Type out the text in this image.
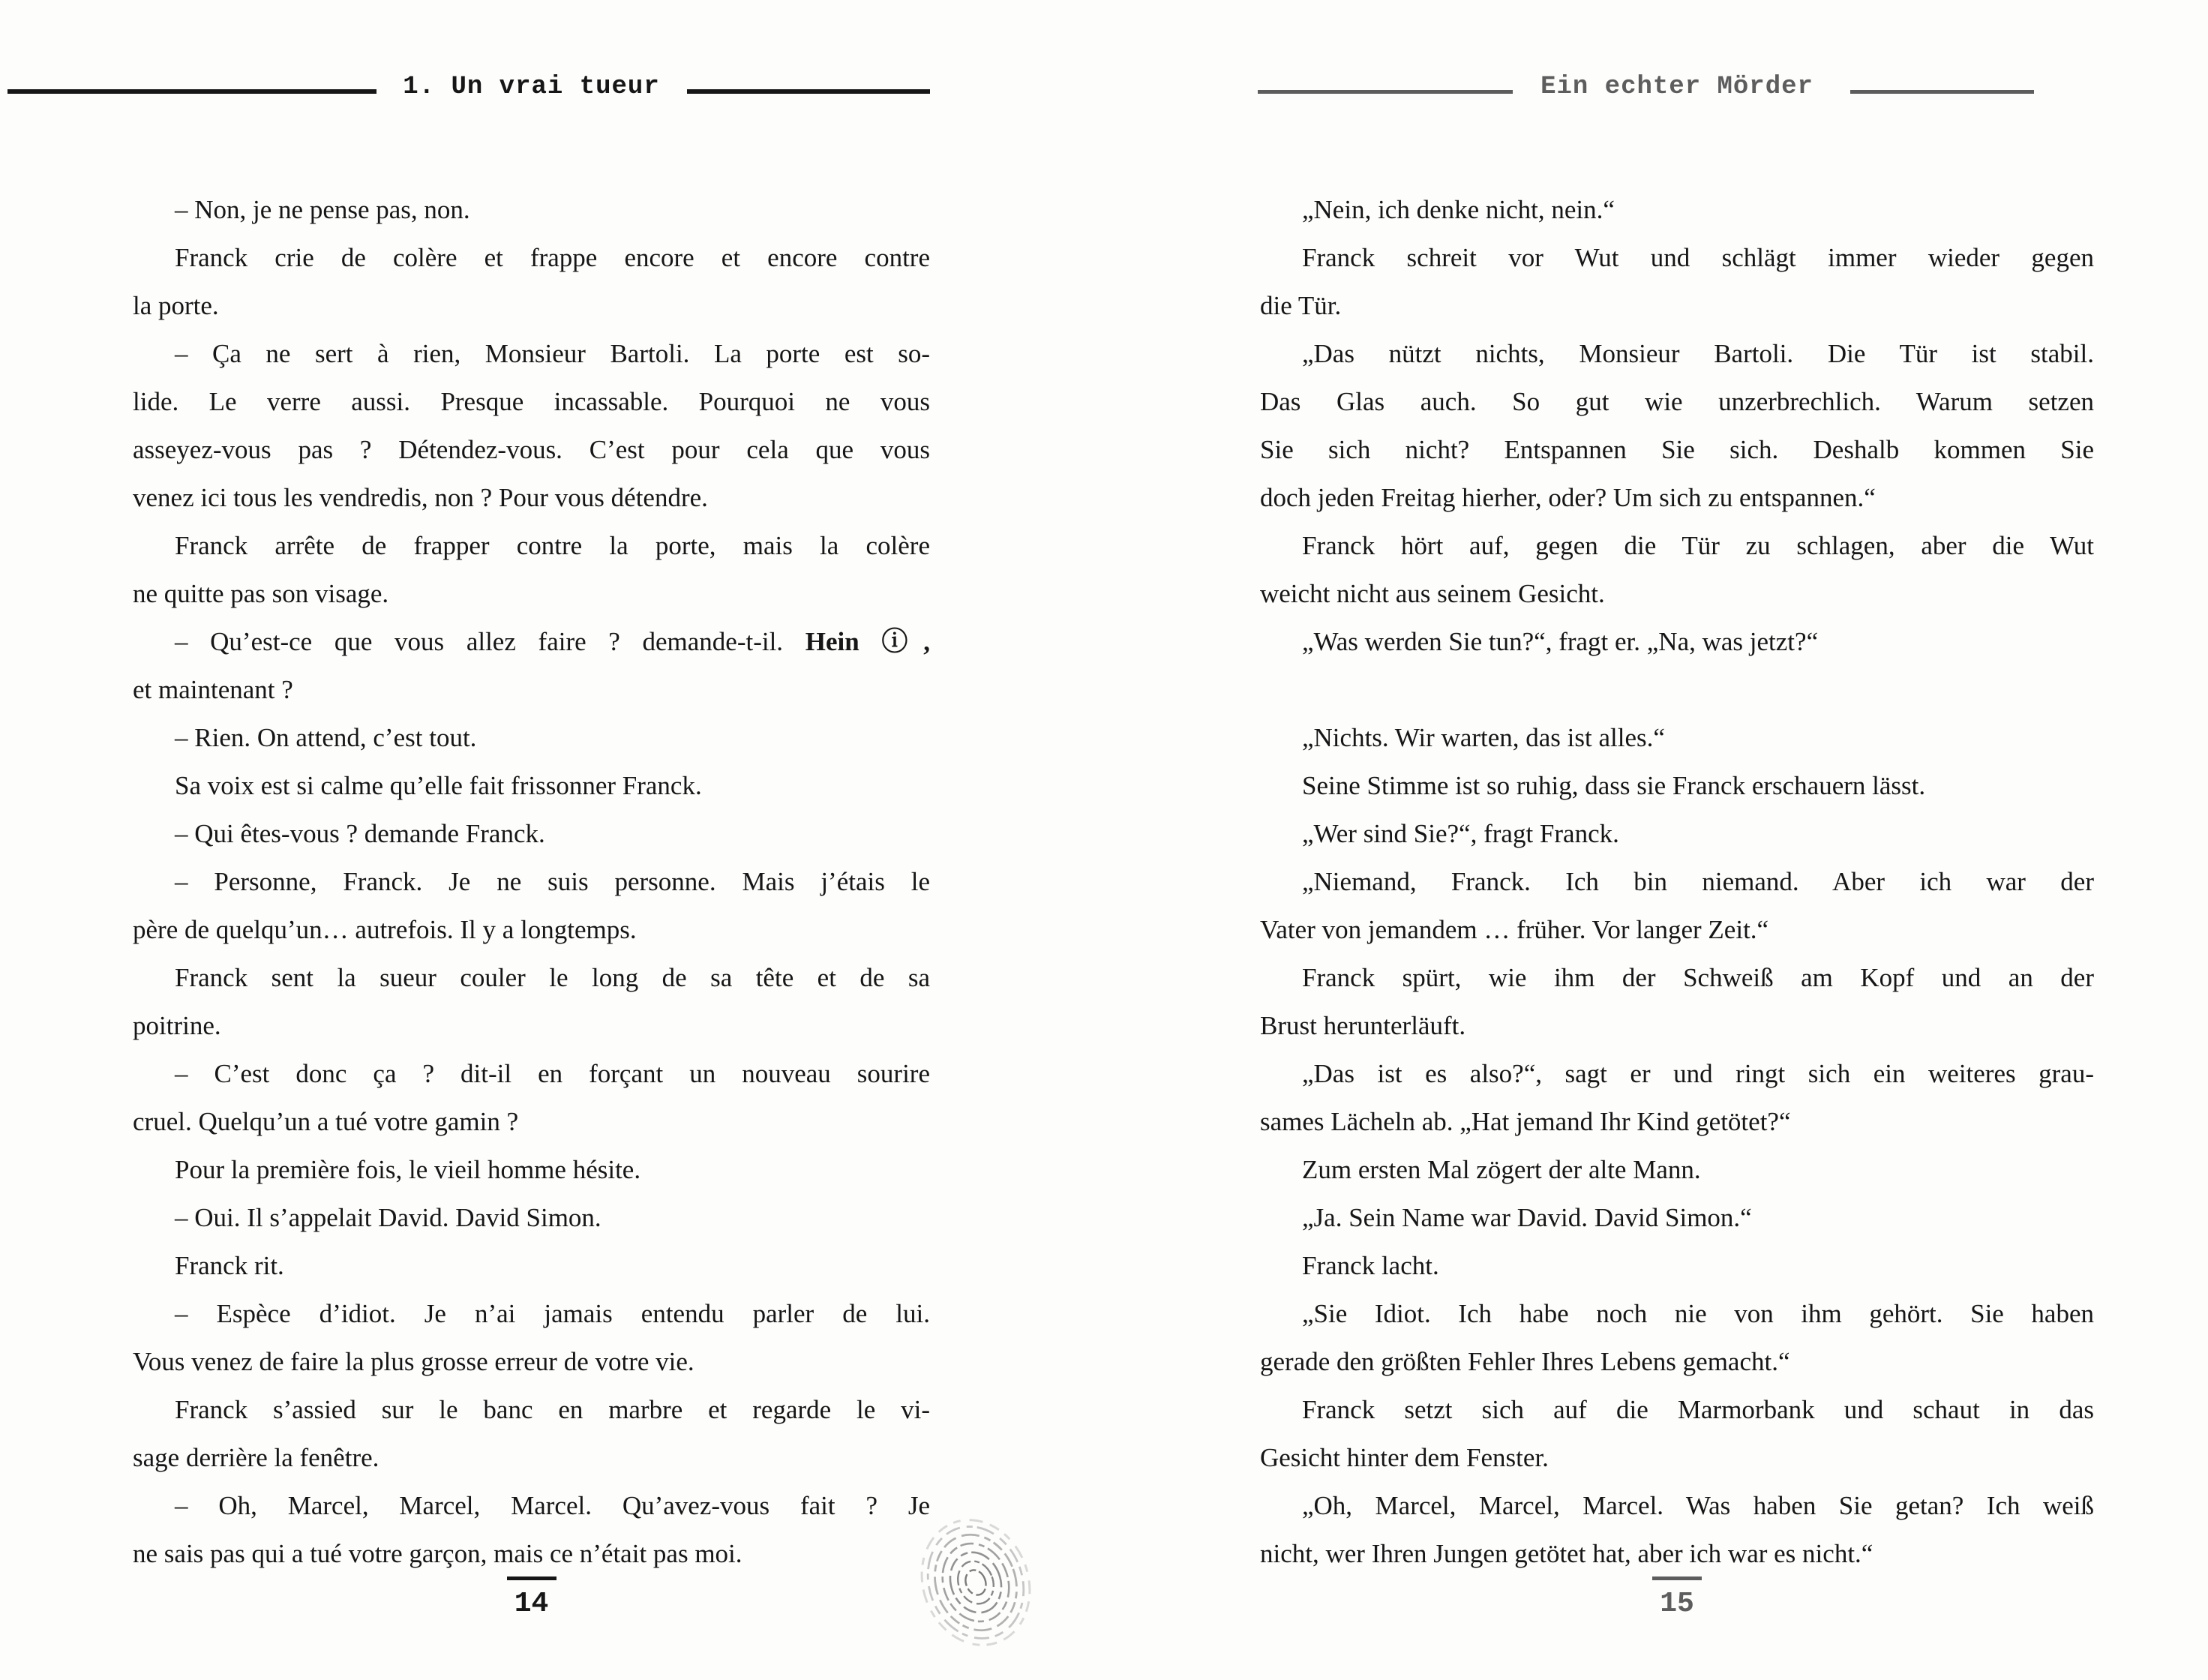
1. Un vrai tueur	Ein echter Mörder
– Non, je ne pense pas, non.
Franck crie de colère et frappe encore et encore contre
la porte.
– Ça ne sert à rien, Monsieur Bartoli. La porte est so-
lide. Le verre aussi. Presque incassable. Pourquoi ne vous
asseyez-vous pas ? Détendez-vous. C’est pour cela que vous
venez ici tous les vendredis, non ? Pour vous détendre.
Franck arrête de frapper contre la porte, mais la colère
ne quitte pas son visage.
– Qu’est-ce que vous allez faire ? demande-t-il. Hein ⓘ,
et maintenant ?
– Rien. On attend, c’est tout.
Sa voix est si calme qu’elle fait frissonner Franck.
– Qui êtes-vous ? demande Franck.
– Personne, Franck. Je ne suis personne. Mais j’étais le
père de quelqu’un… autrefois. Il y a longtemps.
Franck sent la sueur couler le long de sa tête et de sa
poitrine.
– C’est donc ça ? dit-il en forçant un nouveau sourire
cruel. Quelqu’un a tué votre gamin ?
Pour la première fois, le vieil homme hésite.
– Oui. Il s’appelait David. David Simon.
Franck rit.
– Espèce d’idiot. Je n’ai jamais entendu parler de lui.
Vous venez de faire la plus grosse erreur de votre vie.
Franck s’assied sur le banc en marbre et regarde le vi-
sage derrière la fenêtre.
– Oh, Marcel, Marcel, Marcel. Qu’avez-vous fait ? Je
ne sais pas qui a tué votre garçon, mais ce n’était pas moi.
„Nein, ich denke nicht, nein.“
Franck schreit vor Wut und schlägt immer wieder gegen
die Tür.
„Das nützt nichts, Monsieur Bartoli. Die Tür ist stabil.
Das Glas auch. So gut wie unzerbrechlich. Warum setzen
Sie sich nicht? Entspannen Sie sich. Deshalb kommen Sie
doch jeden Freitag hierher, oder? Um sich zu entspannen.“
Franck hört auf, gegen die Tür zu schlagen, aber die Wut
weicht nicht aus seinem Gesicht.
„Was werden Sie tun?“, fragt er. „Na, was jetzt?“
„Nichts. Wir warten, das ist alles.“
Seine Stimme ist so ruhig, dass sie Franck erschauern lässt.
„Wer sind Sie?“, fragt Franck.
„Niemand, Franck. Ich bin niemand. Aber ich war der
Vater von jemandem … früher. Vor langer Zeit.“
Franck spürt, wie ihm der Schweiß am Kopf und an der
Brust herunterläuft.
„Das ist es also?“, sagt er und ringt sich ein weiteres grau-
sames Lächeln ab. „Hat jemand Ihr Kind getötet?“
Zum ersten Mal zögert der alte Mann.
„Ja. Sein Name war David. David Simon.“
Franck lacht.
„Sie Idiot. Ich habe noch nie von ihm gehört. Sie haben
gerade den größten Fehler Ihres Lebens gemacht.“
Franck setzt sich auf die Marmorbank und schaut in das
Gesicht hinter dem Fenster.
„Oh, Marcel, Marcel, Marcel. Was haben Sie getan? Ich weiß
nicht, wer Ihren Jungen getötet hat, aber ich war es nicht.“
14	15
